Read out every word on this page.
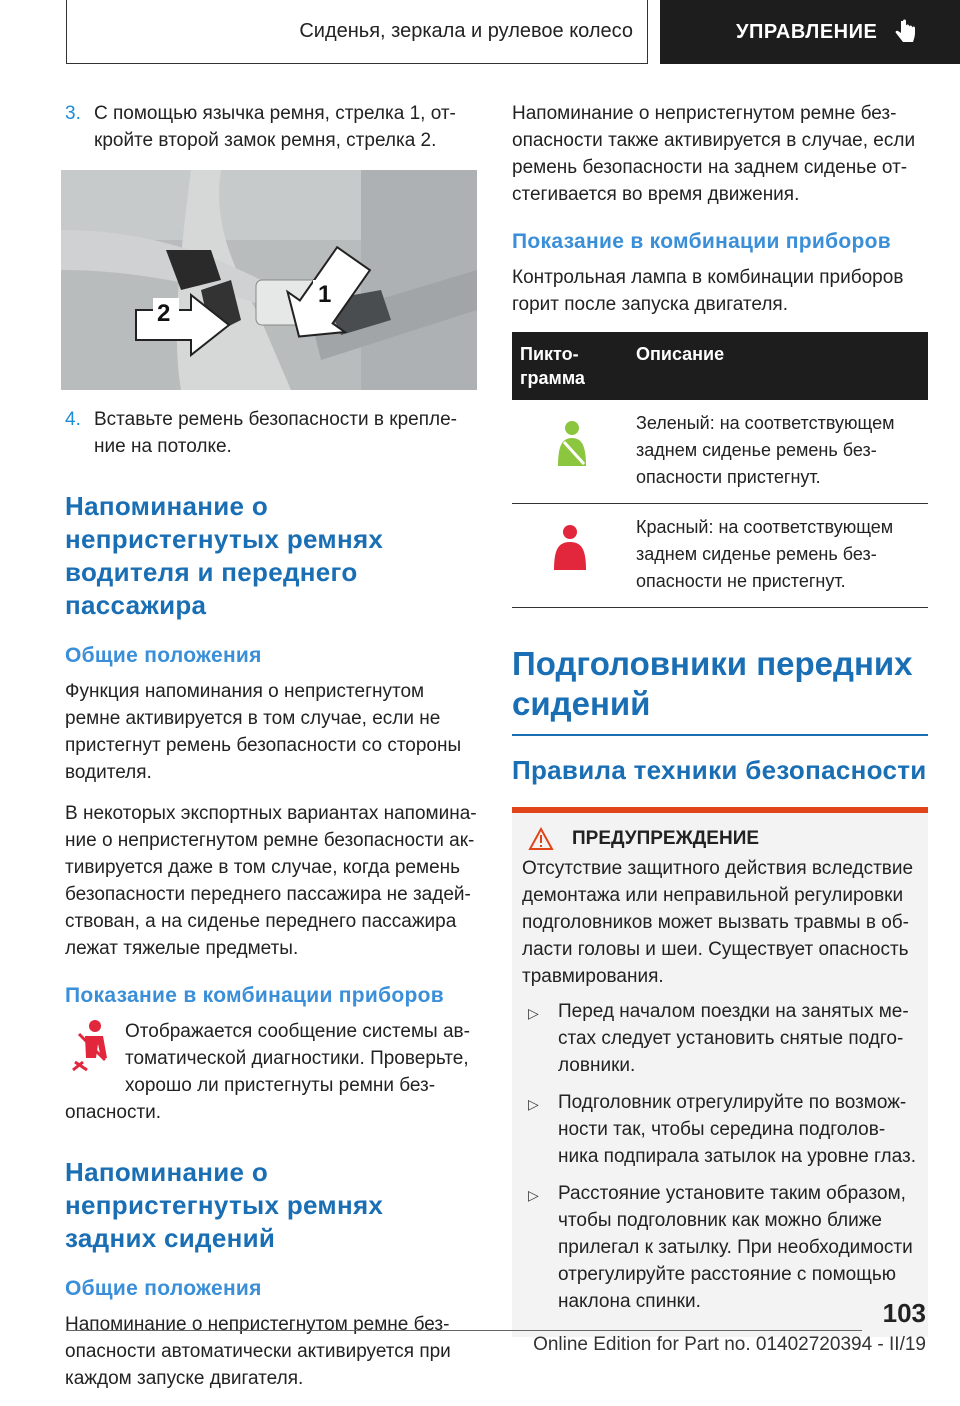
Сиденья, зеркала и рулевое колесо	УПРАВЛЕНИЕ
3. С помощью язычка ремня, стрелка 1, от-кройте второй замок ремня, стрелка 2.
2
1
4. Вставьте ремень безопасности в крепле-ние на потолке.
Напоминание о непристегнутых ремнях водителя и переднего пассажира
Общие положения

Функция напоминания о непристегнутом ремне активируется в том случае, если не пристегнут ремень безопасности со стороны водителя.

В некоторых экспортных вариантах напомина-ние о непристегнутом ремне безопасности ак-тивируется даже в том случае, когда ремень безопасности переднего пассажира не задей-ствован, а на сиденье переднего пассажира лежат тяжелые предметы.

Показание в комбинации приборов

Отображается сообщение системы ав-томатической диагностики. Проверьте, хорошо ли пристегнуты ремни без-

опасности.

Напоминание о непристегнутых ремнях задних сидений
Общие положения

Напоминание о непристегнутом ремне без-опасности автоматически активируется при каждом запуске двигателя.

Напоминание о непристегнутом ремне без-опасности также активируется в случае, если ремень безопасности на заднем сиденье от-стегивается во время движения.

Показание в комбинации приборов

Контрольная лампа в комбинации приборов горит после запуска двигателя.

Пикто-грамма	Описание
	Зеленый: на соответствующем заднем сиденье ремень без-опасности пристегнут.
	Красный: на соответствующем заднем сиденье ремень без-опасности не пристегнут.
Подголовники передних сидений
Правила техники безопасности
ПРЕДУПРЕЖДЕНИЕ

Отсутствие защитного действия вследствие демонтажа или неправильной регулировки подголовников может вызвать травмы в об-ласти головы и шеи. Существует опасность травмирования.

▷	Перед началом поездки на занятых ме-стах следует установить снятые подго-ловники.
▷	Подголовник отрегулируйте по возмож-ности так, чтобы середина подголов-ника подпирала затылок на уровне глаз.
▷	Расстояние установите таким образом, чтобы подголовник как можно ближе прилегал к затылку. При необходимости отрегулируйте расстояние с помощью наклона спинки.	103
Online Edition for Part no. 01402720394 - II/19
